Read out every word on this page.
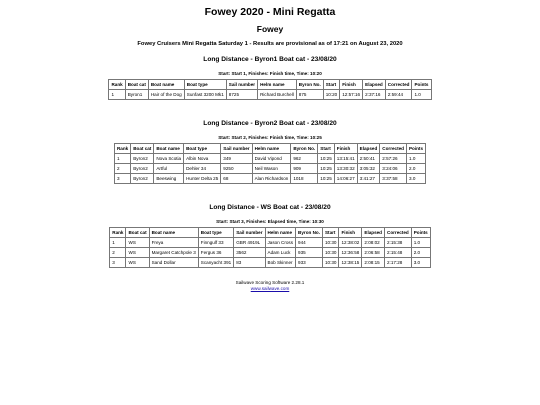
Fowey 2020 - Mini Regatta
Fowey
Fowey Cruisers Mini Regatta Saturday 1 - Results are provisional as of 17:21 on August 23, 2020
Long Distance - Byron1 Boat cat - 23/08/20
Start: Start 1, Finishes: Finish time, Time: 10:20
Rank	Boat cat	Boat name	Boat type	Sail number	Helm name	Byron No.	Start	Finish	Elapsed	Corrected	Points
1	Byron1	Hair of the Dog	Sunfast 3200 Mk1	8725	Richard Burchell	875	10:20	12:57:16	2:37:16	2:59:44	1.0
Long Distance - Byron2 Boat cat - 23/08/20
Start: Start 2, Finishes: Finish time, Time: 10:25
Rank	Boat cat	Boat name	Boat type	Sail number	Helm name	Byron No.	Start	Finish	Elapsed	Corrected	Points
1	Byron2	Nova Scotia	Albin Nova	349	David Vipond	962	10:25	13:15:41	2:50:41	2:57:26	1.0
2	Byron2	Artful	Dehler 34	9250	Neil Wason	909	10:25	13:30:32	3:05:32	3:24:06	2.0
3	Byron2	Beeswing	Hunter Delta 25	68	Alan Richardson	1018	10:25	14:06:27	3:41:27	3:37:58	3.0
Long Distance - WS Boat cat - 23/08/20
Start: Start 3, Finishes: Elapsed time, Time: 10:30
Rank	Boat cat	Boat name	Boat type	Sail number	Helm name	Byron No.	Start	Finish	Elapsed	Corrected	Points
1	WS	Freya	Finngulf 33	GBR 4919L	Jason Cross	944	10:30	12:38:02	2:08:02	2:15:38	1.0
2	WS	Margaret Catchpole 3	Fergus 36	3562	Adam Luck	935	10:30	12:36:58	2:06:58	2:15:48	2.0
3	WS	Sand Dollar	Scanyacht 391	83	Bob Skinner	933	10:30	12:38:15	2:08:15	2:17:28	3.0
Sailwave Scoring Software 2.28.1
www.sailwave.com
